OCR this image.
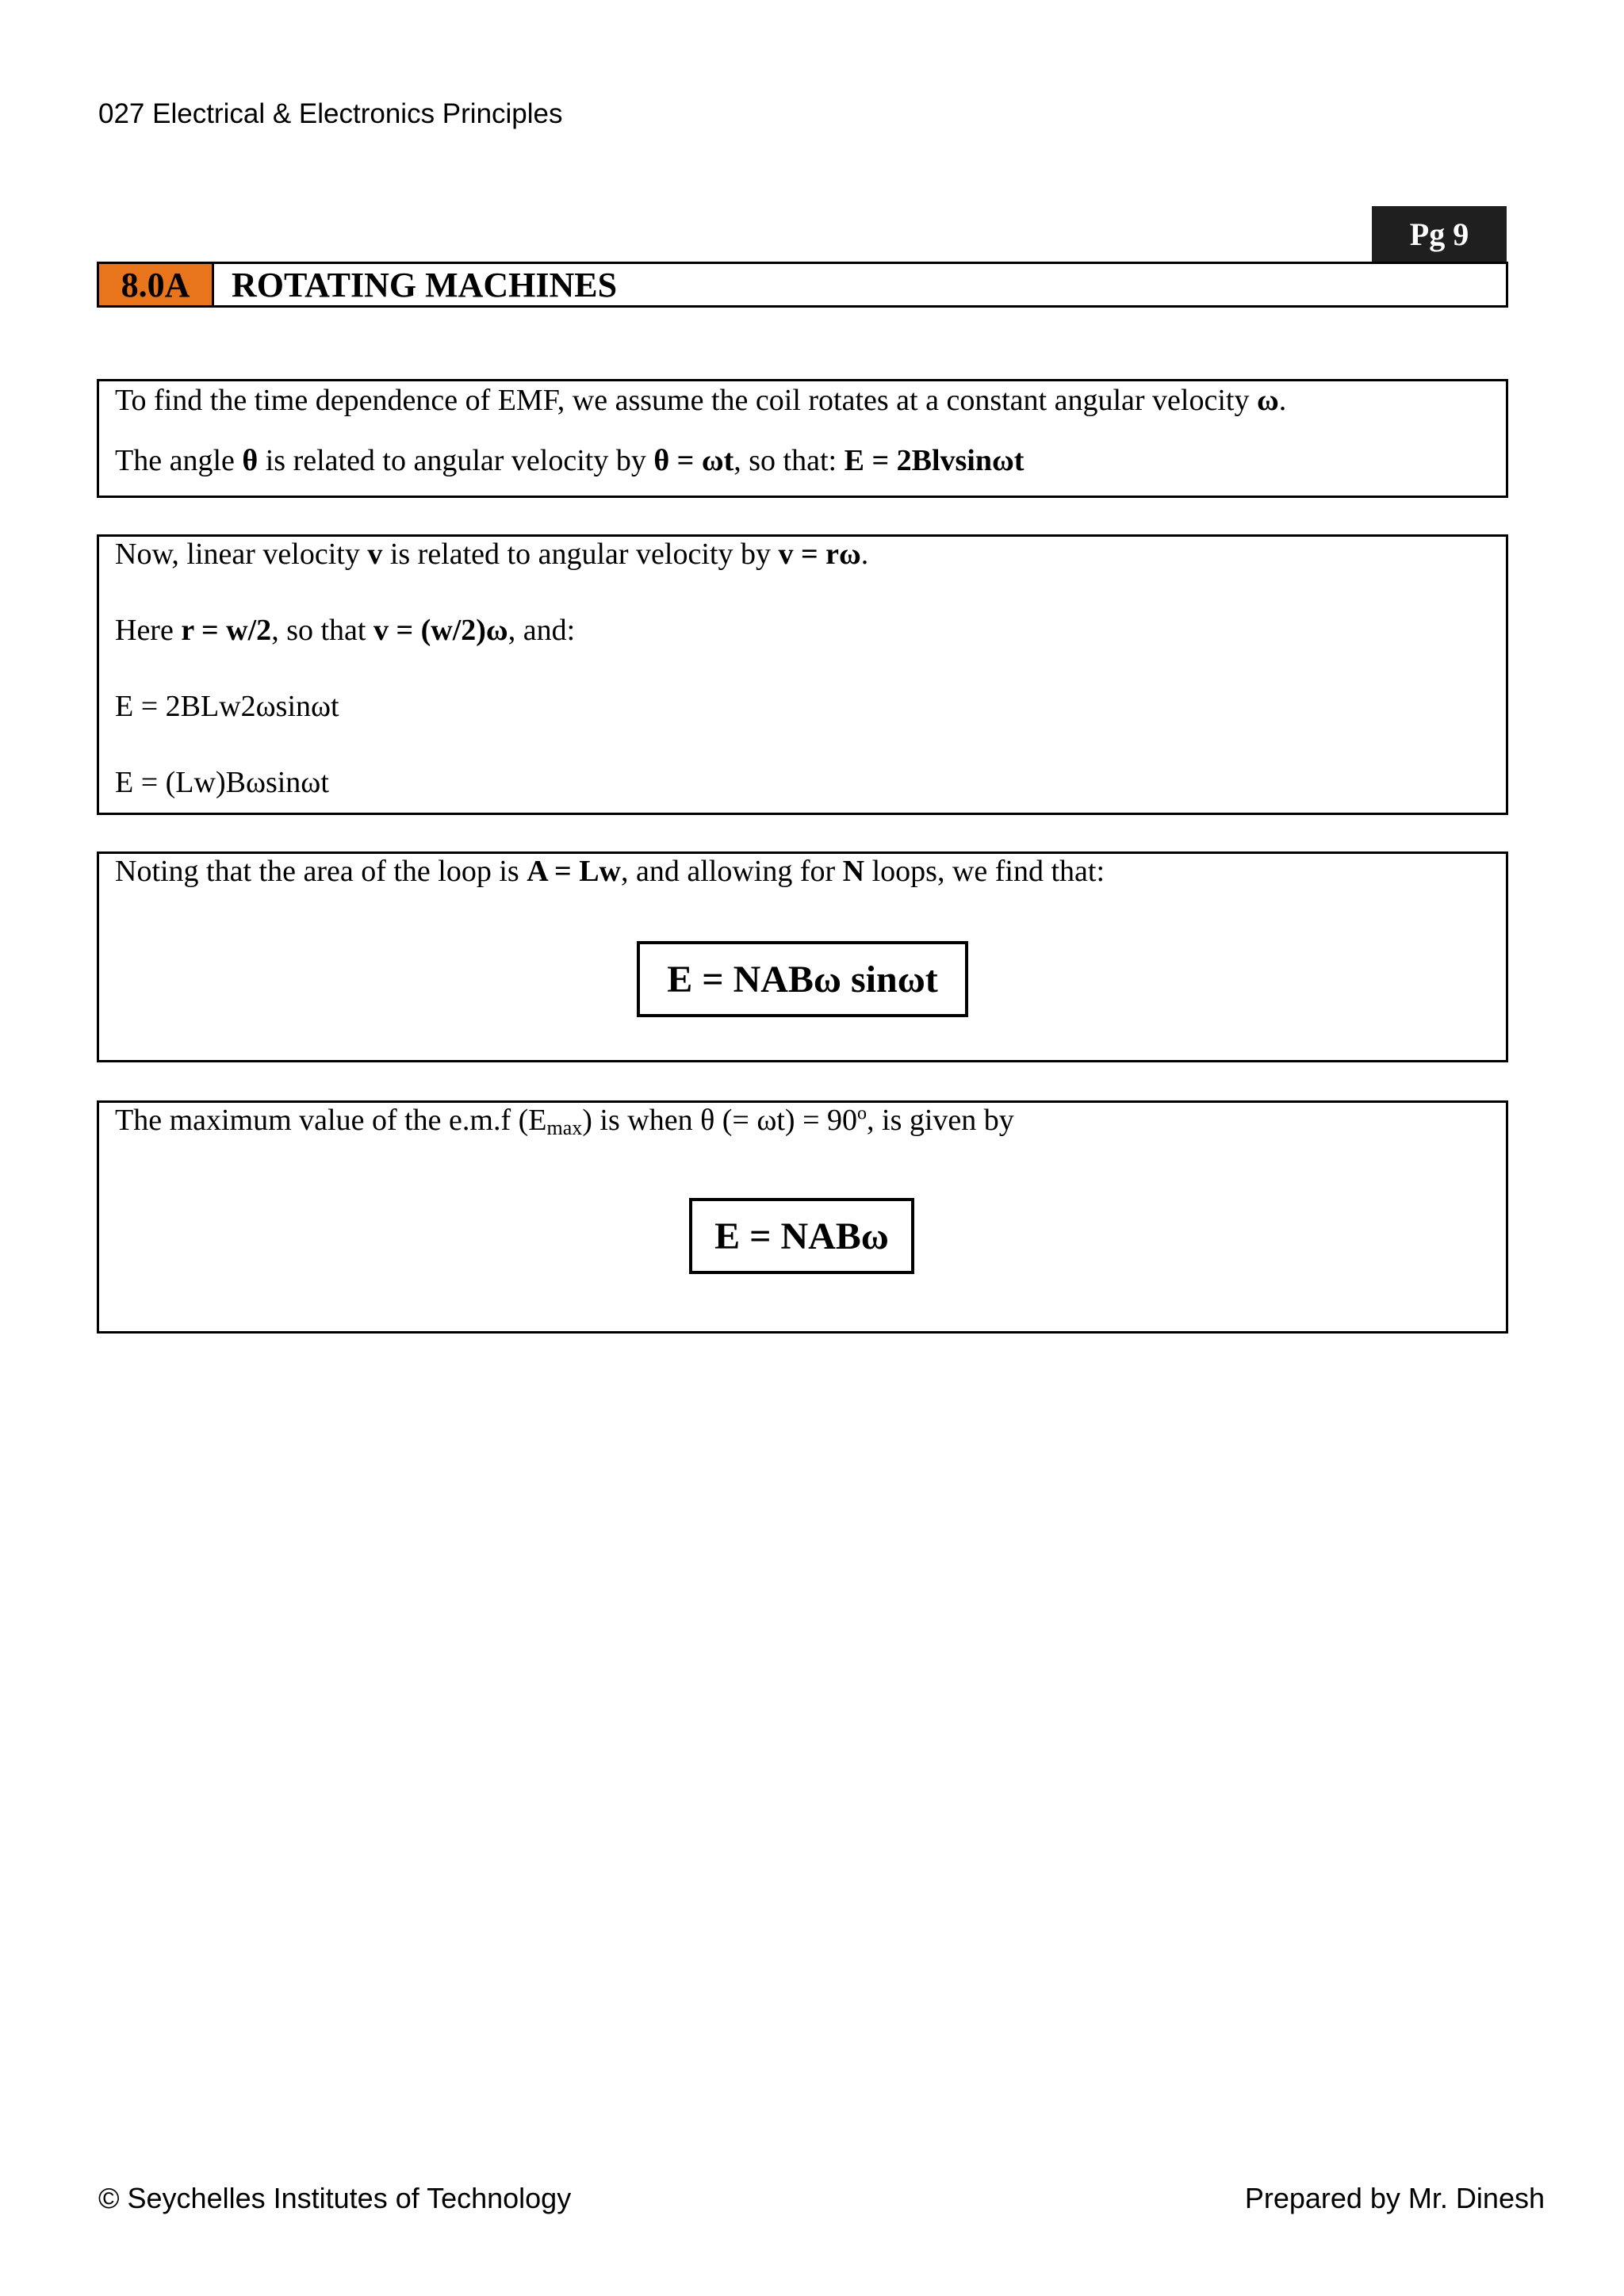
027 Electrical & Electronics Principles
Pg 9
8.0A	ROTATING MACHINES

To find the time dependence of EMF, we assume the coil rotates at a constant angular velocity ω.

The angle θ is related to angular velocity by θ = ωt, so that: E = 2Blvsinωt

Now, linear velocity v is related to angular velocity by v = rω.

Here r = w/2, so that v = (w/2)ω, and:

E = 2BLw2ωsinωt

E = (Lw)Bωsinωt

Noting that the area of the loop is A = Lw, and allowing for N loops, we find that:

E = NABω sinωt

The maximum value of the e.m.f $(E_{max})$ is when θ (= $\omega t) = 90^o$, is given by

E = NABω
© Seychelles Institutes of Technology	Prepared by Mr. Dinesh
